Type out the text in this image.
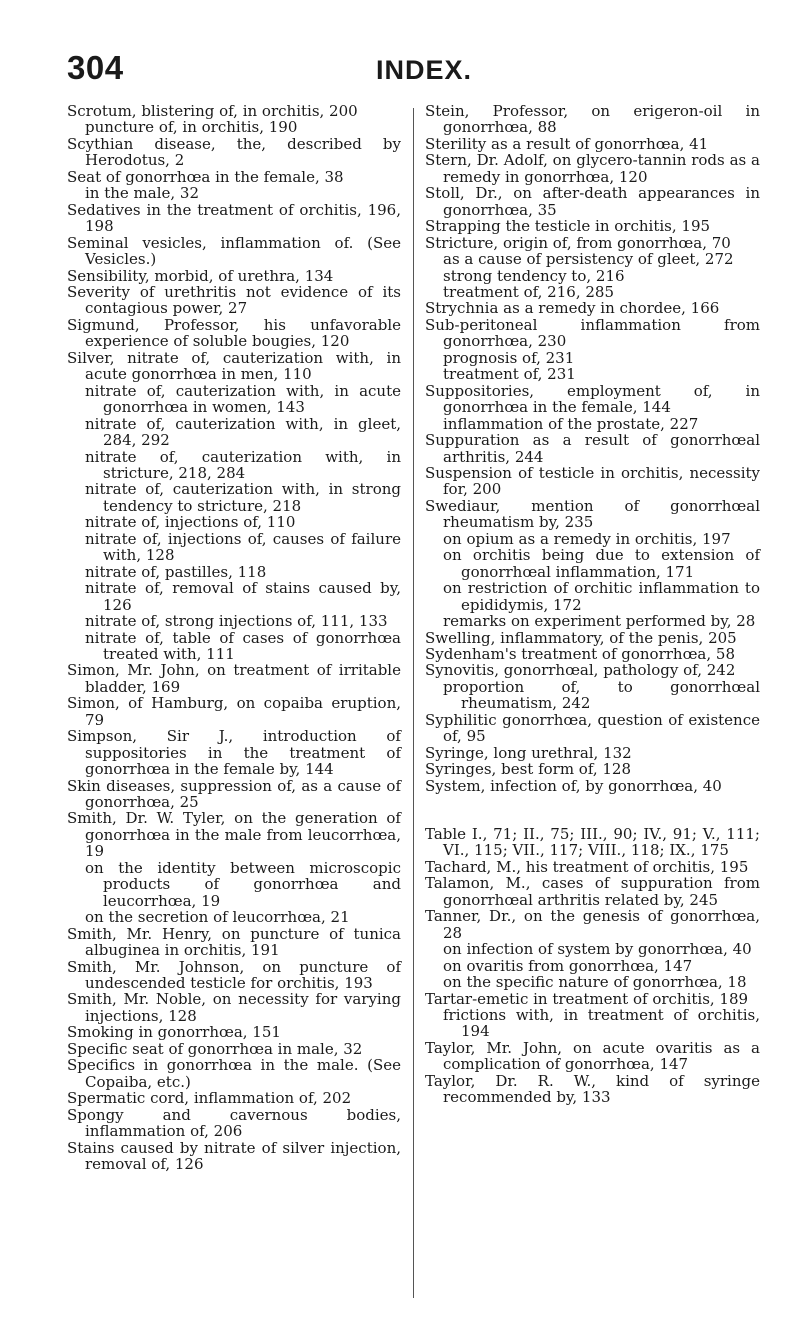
304	INDEX.

Scrotum, blistering of, in orchitis, 200

puncture of, in orchitis, 190

Scythian disease, the, described by Herodotus, 2

Seat of gonorrhœa in the female, 38

in the male, 32

Sedatives in the treatment of orchitis, 196, 198

Seminal vesicles, inflammation of. (See Vesicles.)

Sensibility, morbid, of urethra, 134

Severity of urethritis not evidence of its contagious power, 27

Sigmund, Professor, his unfavorable experience of soluble bougies, 120

Silver, nitrate of, cauterization with, in acute gonorrhœa in men, 110

nitrate of, cauterization with, in acute gonorrhœa in women, 143

nitrate of, cauterization with, in gleet, 284, 292

nitrate of, cauterization with, in stricture, 218, 284

nitrate of, cauterization with, in strong tendency to stricture, 218

nitrate of, injections of, 110

nitrate of, injections of, causes of failure with, 128

nitrate of, pastilles, 118

nitrate of, removal of stains caused by, 126

nitrate of, strong injections of, 111, 133

nitrate of, table of cases of gonorrhœa treated with, 111

Simon, Mr. John, on treatment of irritable bladder, 169

Simon, of Hamburg, on copaiba eruption, 79

Simpson, Sir J., introduction of suppositories in the treatment of gonorrhœa in the female by, 144

Skin diseases, suppression of, as a cause of gonorrhœa, 25

Smith, Dr. W. Tyler, on the generation of gonorrhœa in the male from leucorrhœa, 19

on the identity between microscopic products of gonorrhœa and leucorrhœa, 19

on the secretion of leucorrhœa, 21

Smith, Mr. Henry, on puncture of tunica albuginea in orchitis, 191

Smith, Mr. Johnson, on puncture of undescended testicle for orchitis, 193

Smith, Mr. Noble, on necessity for varying injections, 128

Smoking in gonorrhœa, 151

Specific seat of gonorrhœa in male, 32

Specifics in gonorrhœa in the male. (See Copaiba, etc.)

Spermatic cord, inflammation of, 202

Spongy and cavernous bodies, inflammation of, 206

Stains caused by nitrate of silver injection, removal of, 126

Stein, Professor, on erigeron-oil in gonorrhœa, 88

Sterility as a result of gonorrhœa, 41

Stern, Dr. Adolf, on glycero-tannin rods as a remedy in gonorrhœa, 120

Stoll, Dr., on after-death appearances in gonorrhœa, 35

Strapping the testicle in orchitis, 195

Stricture, origin of, from gonorrhœa, 70

as a cause of persistency of gleet, 272

strong tendency to, 216

treatment of, 216, 285

Strychnia as a remedy in chordee, 166

Sub-peritoneal inflammation from gonorrhœa, 230

prognosis of, 231

treatment of, 231

Suppositories, employment of, in gonorrhœa in the female, 144

inflammation of the prostate, 227

Suppuration as a result of gonorrhœal arthritis, 244

Suspension of testicle in orchitis, necessity for, 200

Swediaur, mention of gonorrhœal rheumatism by, 235

on opium as a remedy in orchitis, 197

on orchitis being due to extension of gonorrhœal inflammation, 171

on restriction of orchitic inflammation to epididymis, 172

remarks on experiment performed by, 28

Swelling, inflammatory, of the penis, 205

Sydenham's treatment of gonorrhœa, 58

Synovitis, gonorrhœal, pathology of, 242

proportion of, to gonorrhœal rheumatism, 242

Syphilitic gonorrhœa, question of existence of, 95

Syringe, long urethral, 132

Syringes, best form of, 128

System, infection of, by gonorrhœa, 40

Table I., 71; II., 75; III., 90; IV., 91; V., 111; VI., 115; VII., 117; VIII., 118; IX., 175

Tachard, M., his treatment of orchitis, 195

Talamon, M., cases of suppuration from gonorrhœal arthritis related by, 245

Tanner, Dr., on the genesis of gonorrhœa, 28

on infection of system by gonorrhœa, 40

on ovaritis from gonorrhœa, 147

on the specific nature of gonorrhœa, 18

Tartar-emetic in treatment of orchitis, 189

frictions with, in treatment of orchitis, 194

Taylor, Mr. John, on acute ovaritis as a complication of gonorrhœa, 147

Taylor, Dr. R. W., kind of syringe recommended by, 133
